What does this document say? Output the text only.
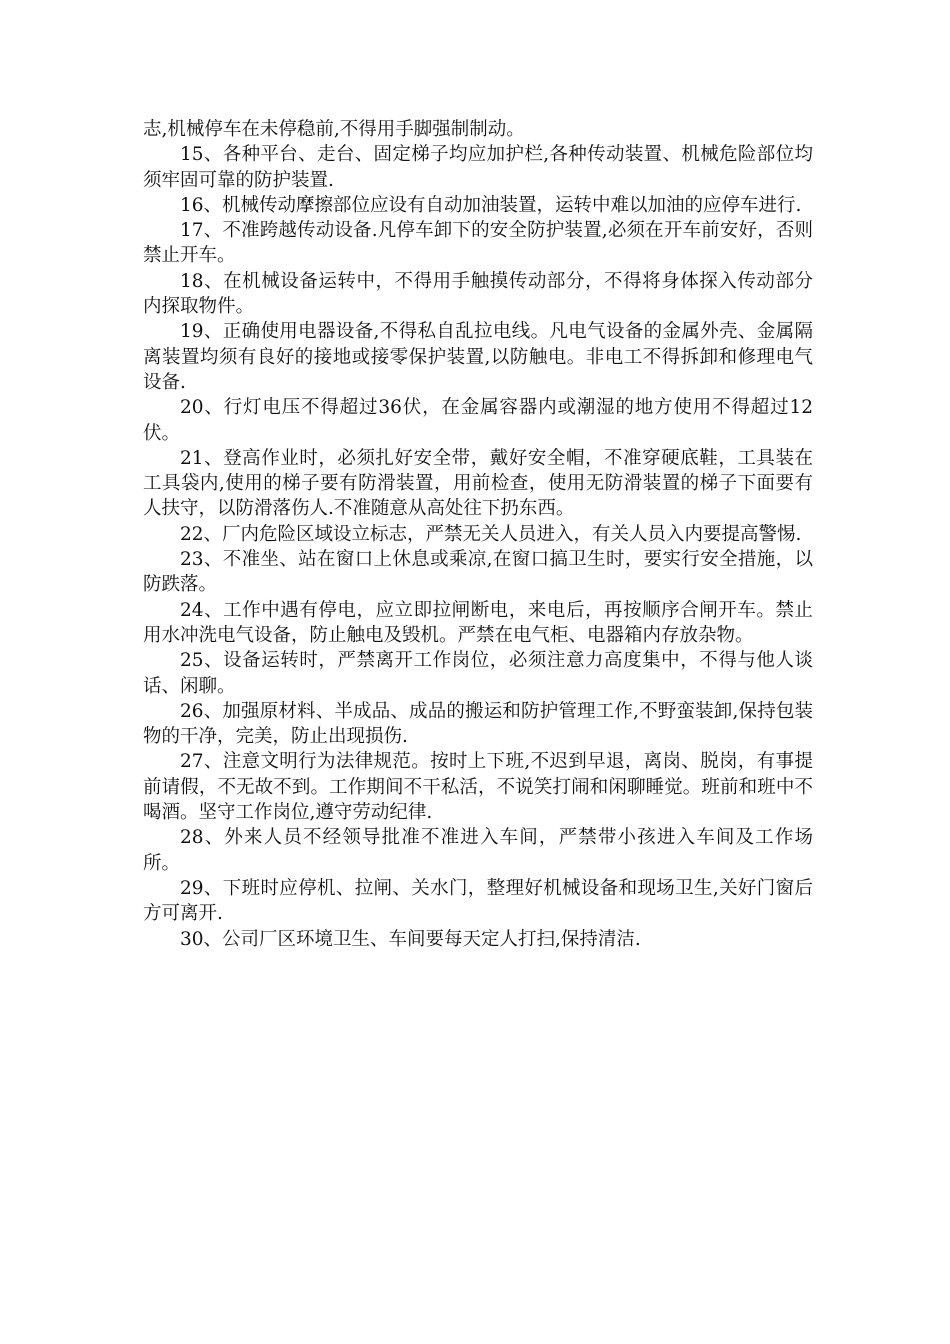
志,机械停车在未停稳前,不得用手脚强制制动。

15、各种平台、走台、固定梯子均应加护栏,各种传动装置、机械危险部位均须牢固可靠的防护装置.

16、机械传动摩擦部位应设有自动加油装置，运转中难以加油的应停车进行.

17、不准跨越传动设备.凡停车卸下的安全防护装置,必须在开车前安好，否则禁止开车。

18、在机械设备运转中，不得用手触摸传动部分，不得将身体探入传动部分内探取物件。

19、正确使用电器设备,不得私自乱拉电线。凡电气设备的金属外壳、金属隔离装置均须有良好的接地或接零保护装置,以防触电。非电工不得拆卸和修理电气设备.

20、行灯电压不得超过36伏，在金属容器内或潮湿的地方使用不得超过12伏。

21、登高作业时，必须扎好安全带，戴好安全帽，不准穿硬底鞋，工具装在工具袋内,使用的梯子要有防滑装置，用前检查，使用无防滑装置的梯子下面要有人扶守，以防滑落伤人.不准随意从高处往下扔东西。

22、厂内危险区域设立标志，严禁无关人员进入，有关人员入内要提高警惕.

23、不准坐、站在窗口上休息或乘凉,在窗口搞卫生时，要实行安全措施，以防跌落。

24、工作中遇有停电，应立即拉闸断电，来电后，再按顺序合闸开车。禁止用水冲洗电气设备，防止触电及毁机。严禁在电气柜、电器箱内存放杂物。

25、设备运转时，严禁离开工作岗位，必须注意力高度集中，不得与他人谈话、闲聊。

26、加强原材料、半成品、成品的搬运和防护管理工作,不野蛮装卸,保持包装物的干净，完美，防止出现损伤.

27、注意文明行为法律规范。按时上下班,不迟到早退，离岗、脱岗，有事提前请假，不无故不到。工作期间不干私活，不说笑打闹和闲聊睡觉。班前和班中不喝酒。坚守工作岗位,遵守劳动纪律.

28、外来人员不经领导批准不准进入车间，严禁带小孩进入车间及工作场所。

29、下班时应停机、拉闸、关水门，整理好机械设备和现场卫生,关好门窗后方可离开.

30、公司厂区环境卫生、车间要每天定人打扫,保持清洁.
